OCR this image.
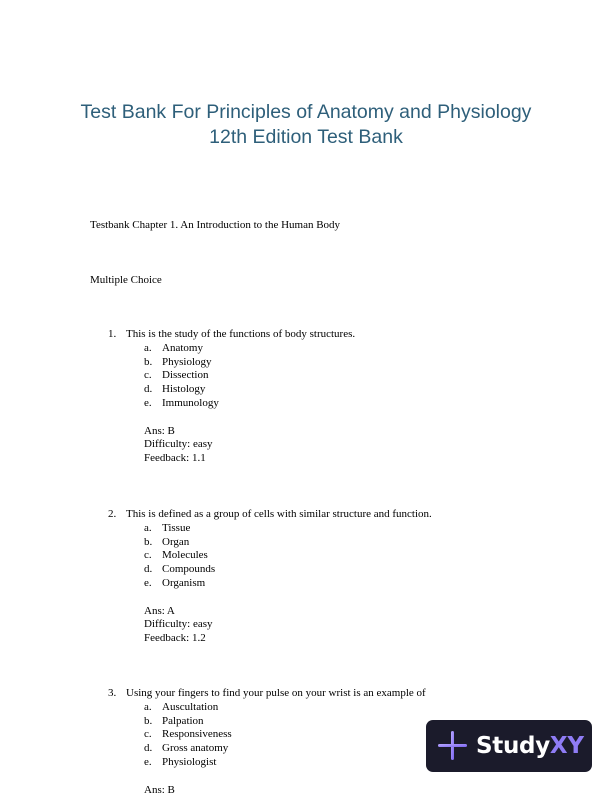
Test Bank For Principles of Anatomy and Physiology
12th Edition Test Bank
Testbank Chapter 1. An Introduction to the Human Body
Multiple Choice
1. This is the study of the functions of body structures.
a. Anatomy
b. Physiology
c. Dissection
d. Histology
e. Immunology
Ans: B
Difficulty: easy
Feedback: 1.1
2. This is defined as a group of cells with similar structure and function.
a. Tissue
b. Organ
c. Molecules
d. Compounds
e. Organism
Ans: A
Difficulty: easy
Feedback: 1.2
3. Using your fingers to find your pulse on your wrist is an example of
a. Auscultation
b. Palpation
c. Responsiveness
d. Gross anatomy
e. Physiologist
Ans: B
StudyXY
